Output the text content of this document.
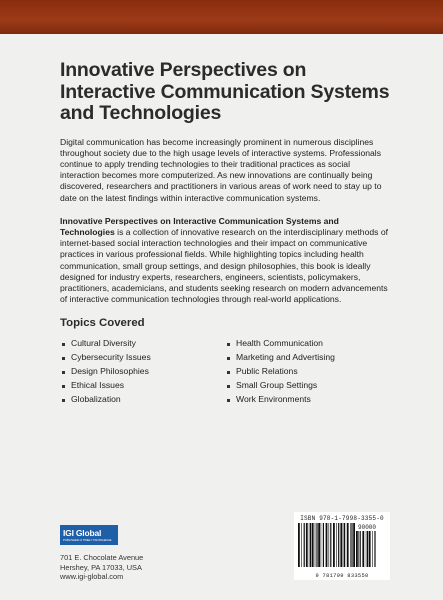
Innovative Perspectives on Interactive Communication Systems and Technologies

Digital communication has become increasingly prominent in numerous disciplines throughout society due to the high usage levels of interactive systems. Professionals continue to apply trending technologies to their traditional practices as social interaction becomes more computerized. As new innovations are continually being discovered, researchers and practitioners in various areas of work need to stay up to date on the latest findings within interactive communication systems.

Innovative Perspectives on Interactive Communication Systems and Technologies is a collection of innovative research on the interdisciplinary methods of internet-based social interaction technologies and their impact on communicative practices in various professional fields. While highlighting topics including health communication, small group settings, and design philosophies, this book is ideally designed for industry experts, researchers, engineers, scientists, policymakers, practitioners, academicians, and students seeking research on modern advancements of interactive communication technologies through real-world applications.

Topics Covered
Cultural Diversity
Cybersecurity Issues
Design Philosophies
Ethical Issues
Globalization
Health Communication
Marketing and Advertising
Public Relations
Small Group Settings
Work Environments
IGI Global
PUBLISHER of TIMELY KNOWLEDGE
701 E. Chocolate Avenue
Hershey, PA 17033, USA
www.igi-global.com
ISBN 978-1-7998-3355-0
90000
9 781799 833550
